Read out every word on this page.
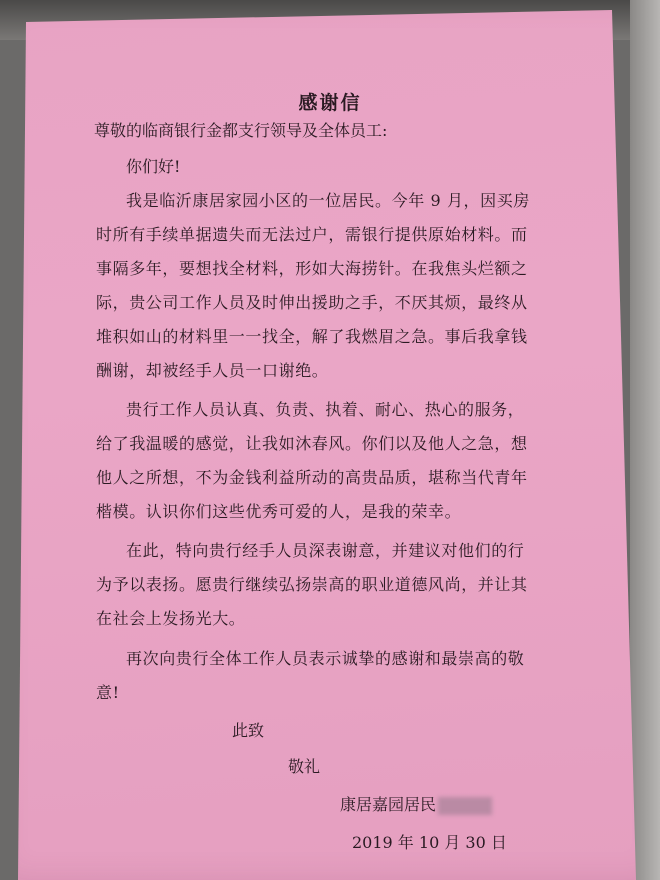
感谢信
尊敬的临商银行金都支行领导及全体员工:
你们好!
我是临沂康居家园小区的一位居民。今年 9 月，因买房
时所有手续单据遗失而无法过户，需银行提供原始材料。而
事隔多年，要想找全材料，形如大海捞针。在我焦头烂额之
际，贵公司工作人员及时伸出援助之手，不厌其烦，最终从
堆积如山的材料里一一找全，解了我燃眉之急。事后我拿钱
酬谢，却被经手人员一口谢绝。
贵行工作人员认真、负责、执着、耐心、热心的服务，
给了我温暖的感觉，让我如沐春风。你们以及他人之急，想
他人之所想，不为金钱利益所动的高贵品质，堪称当代青年
楷模。认识你们这些优秀可爱的人，是我的荣幸。
在此，特向贵行经手人员深表谢意，并建议对他们的行
为予以表扬。愿贵行继续弘扬崇高的职业道德风尚，并让其
在社会上发扬光大。
再次向贵行全体工作人员表示诚挚的感谢和最崇高的敬
意!
此致
敬礼
康居嘉园居民
2019 年 10 月 30 日
